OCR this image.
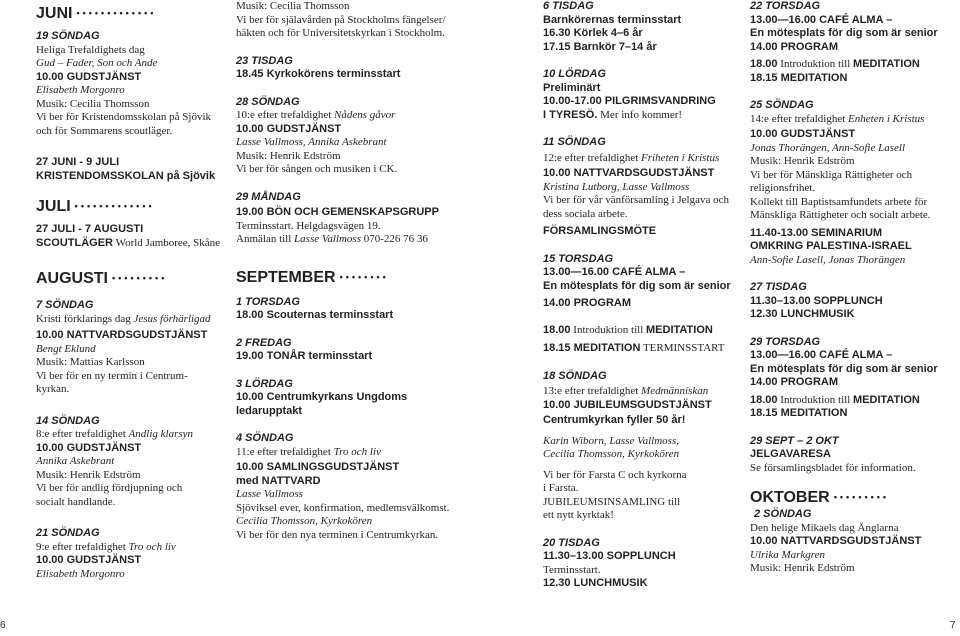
6	7
JUNI •••••••••••••
19 SÖNDAG
Heliga Trefaldighets dag
Gud – Fader, Son och Ande
10.00 GUDSTJÄNST
Elisabeth Morgonro
Musik: Cecilia Thomsson
Vi ber för Kristendomsskolan på Sjövik
och för Sommarens scoutläger.
27 JUNI - 9 JULI
KRISTENDOMSSKOLAN på Sjövik
JULI •••••••••••••
27 JULI - 7 AUGUSTI
SCOUTLÄGER World Jamboree, Skåne
AUGUSTI •••••••••
7 SÖNDAG
Kristi förklarings dag Jesus förhärligad
10.00 NATTVARDSGUDSTJÄNST
Bengt Eklund
Musik: Mattias Karlsson
Vi ber för en ny termin i Centrum-
kyrkan.
14 SÖNDAG
8:e efter trefaldighet Andlig klarsyn
10.00 GUDSTJÄNST
Annika Askebrant
Musik: Henrik Edström
Vi ber för andlig fördjupning och
socialt handlande.
21 SÖNDAG
9:e efter trefaldighet Tro och liv
10.00 GUDSTJÄNST
Elisabeth Morgonro
Musik: Cecilia Thomsson
Vi ber för själavården på Stockholms fängelser/
häkten och för Universitetskyrkan i Stockholm.
23 TISDAG
18.45 Kyrkokörens terminsstart
28 SÖNDAG
10:e efter trefaldighet Nådens gåvor
10.00 GUDSTJÄNST
Lasse Vallmoss, Annika Askebrant
Musik: Henrik Edström
Vi ber för sången och musiken i CK.
29 MÅNDAG
19.00 BÖN OCH GEMENSKAPSGRUPP
Terminsstart. Helgdagsvägen 19.
Anmälan till Lasse Vallmoss 070-226 76 36
SEPTEMBER ••••••••
1 TORSDAG
18.00 Scouternas terminsstart
2 FREDAG
19.00 TONÅR terminsstart
3 LÖRDAG
10.00 Centrumkyrkans Ungdoms
ledarupptakt
4 SÖNDAG
11:e efter trefaldighet Tro och liv
10.00 SAMLINGSGUDSTJÄNST
med NATTVARD
Lasse Vallmoss
Sjöviksel ever, konfirmation, medlemsvälkomst.
Cecilia Thomsson, Kyrkokören
Vi ber för den nya terminen i Centrumkyrkan.
6 TISDAG
Barnkörernas terminsstart
16.30 Körlek 4–6 år
17.15 Barnkör 7–14 år
10 LÖRDAG
Preliminärt
10.00-17.00 PILGRIMSVANDRING
I TYRESÖ. Mer info kommer!
11 SÖNDAG
12:e efter trefaldighet Friheten i Kristus
10.00 NATTVARDSGUDSTJÄNST
Kristina Lutborg, Lasse Vallmoss
Vi ber för vår vänförsamling i Jelgava och
dess sociala arbete.
FÖRSAMLINGSMÖTE
15 TORSDAG
13.00—16.00 CAFÉ ALMA –
En mötesplats för dig som är senior
14.00 PROGRAM
18.00 Introduktion till MEDITATION
18.15 MEDITATION TERMINSSTART
18 SÖNDAG
13:e efter trefaldighet Medmänniskan
10.00 JUBILEUMSGUDSTJÄNST
Centrumkyrkan fyller 50 år!
Karin Wiborn, Lasse Vallmoss,
Cecilia Thomsson, Kyrkokören
Vi ber för Farsta C och kyrkorna
i Farsta.
JUBILEUMSINSAMLING till
ett nytt kyrktak!
20 TISDAG
11.30–13.00 SOPPLUNCH
Terminsstart.
12.30 LUNCHMUSIK
22 TORSDAG
13.00—16.00 CAFÉ ALMA –
En mötesplats för dig som är senior
14.00 PROGRAM
18.00 Introduktion till MEDITATION
18.15 MEDITATION
25 SÖNDAG
14:e efter trefaldighet Enheten i Kristus
10.00 GUDSTJÄNST
Jonas Thorängen, Ann-Sofie Lasell
Musik: Henrik Edström
Vi ber för Mänskliga Rättigheter och
religionsfrihet.
Kollekt till Baptistsamfundets arbete för
Mänskliga Rättigheter och socialt arbete.
11.40-13.00 SEMINARIUM
OMKRING PALESTINA-ISRAEL
Ann-Sofie Lasell, Jonas Thorängen
27 TISDAG
11.30–13.00 SOPPLUNCH
12.30 LUNCHMUSIK
29 TORSDAG
13.00—16.00 CAFÉ ALMA –
En mötesplats för dig som är senior
14.00 PROGRAM
18.00 Introduktion till MEDITATION
18.15 MEDITATION
29 SEPT – 2 OKT
JELGAVARESA
Se församlingsbladet för information.
OKTOBER •••••••••
2 SÖNDAG
Den helige Mikaels dag Änglarna
10.00 NATTVARDSGUDSTJÄNST
Ulrika Markgren
Musik: Henrik Edström
